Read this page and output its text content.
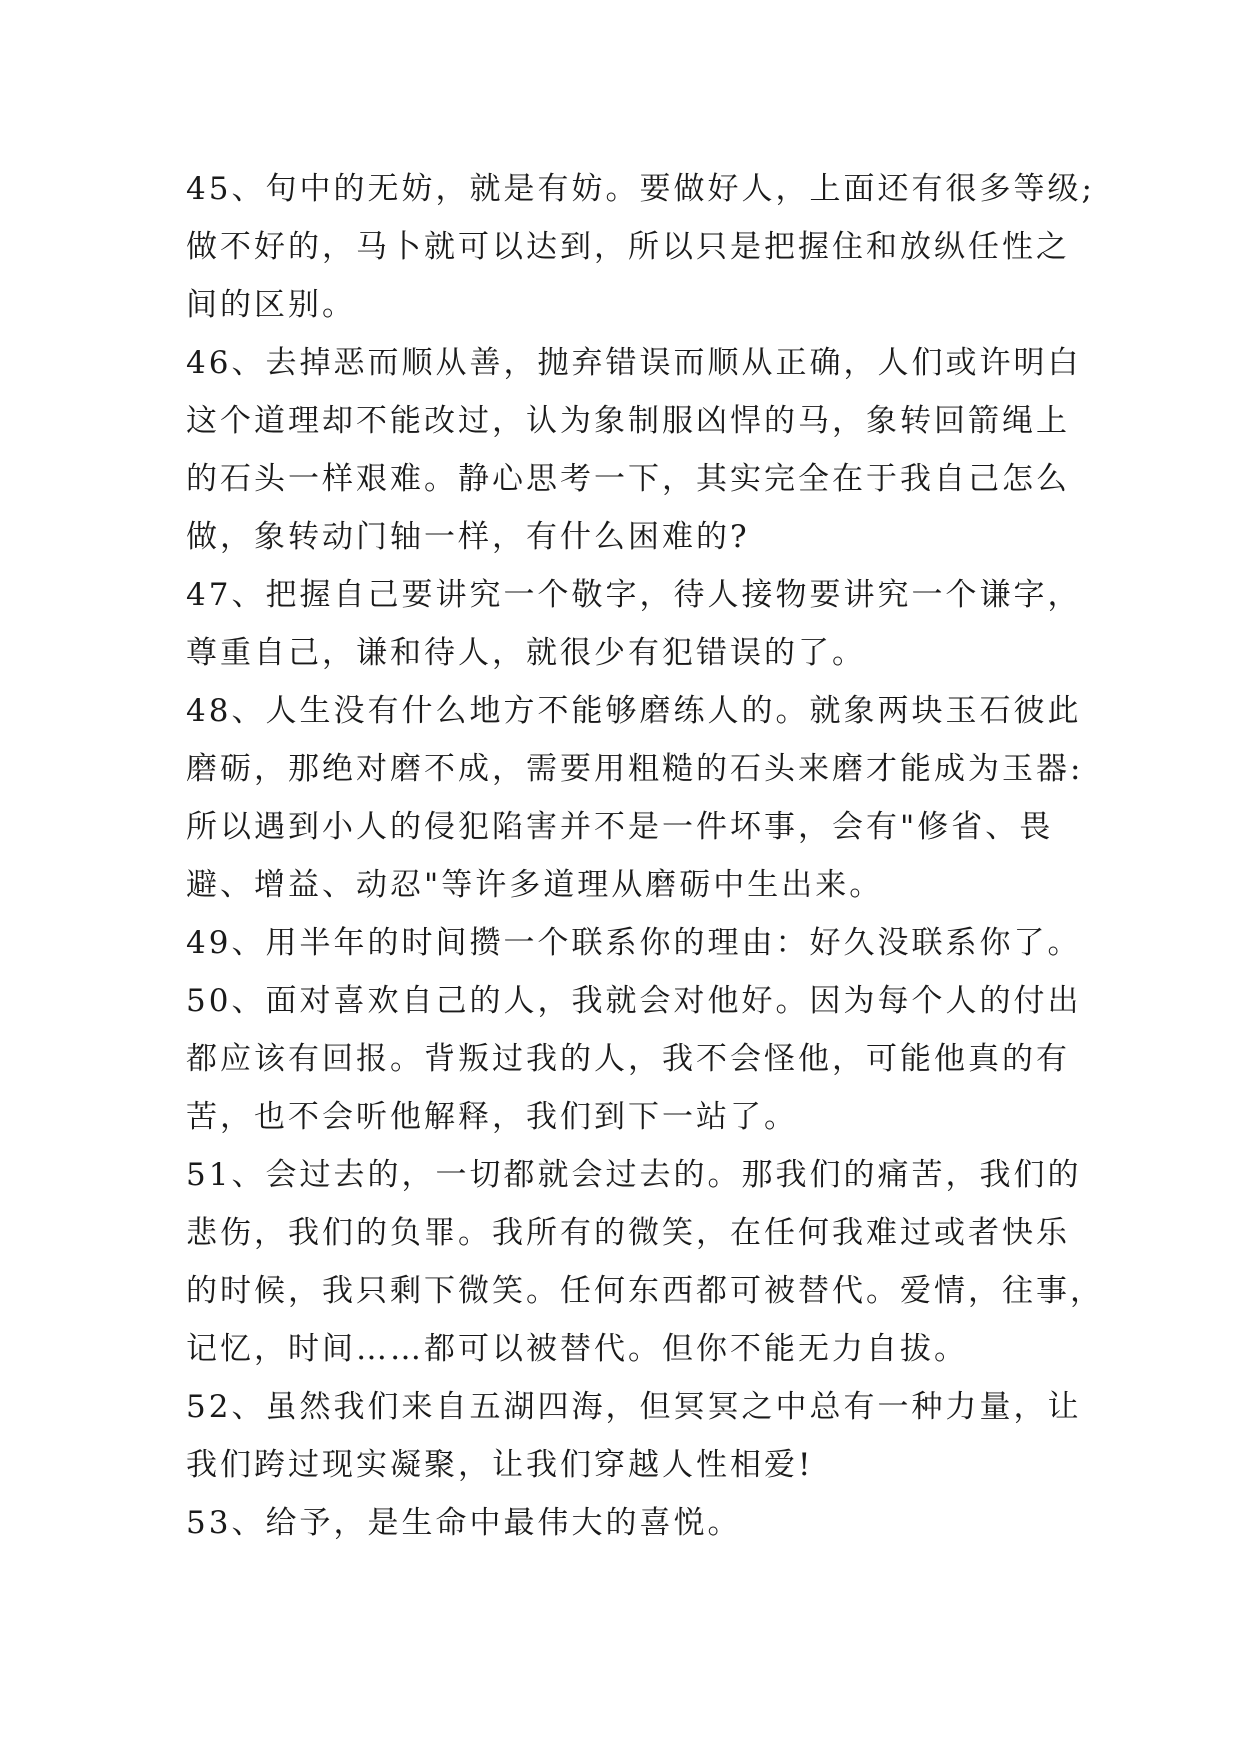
45、句中的无妨，就是有妨。要做好人，上面还有很多等级;
做不好的，马卜就可以达到，所以只是把握住和放纵任性之
间的区别。
46、去掉恶而顺从善，抛弃错误而顺从正确，人们或许明白
这个道理却不能改过，认为象制服凶悍的马，象转回箭绳上
的石头一样艰难。静心思考一下，其实完全在于我自己怎么
做，象转动门轴一样，有什么困难的?
47、把握自己要讲究一个敬字，待人接物要讲究一个谦字，
尊重自己，谦和待人，就很少有犯错误的了。
48、人生没有什么地方不能够磨练人的。就象两块玉石彼此
磨砺，那绝对磨不成，需要用粗糙的石头来磨才能成为玉器:
所以遇到小人的侵犯陷害并不是一件坏事，会有"修省、畏
避、增益、动忍"等许多道理从磨砺中生出来。
49、用半年的时间攒一个联系你的理由：好久没联系你了。
50、面对喜欢自己的人，我就会对他好。因为每个人的付出
都应该有回报。背叛过我的人，我不会怪他，可能他真的有
苦，也不会听他解释，我们到下一站了。
51、会过去的，一切都就会过去的。那我们的痛苦，我们的
悲伤，我们的负罪。我所有的微笑，在任何我难过或者快乐
的时候，我只剩下微笑。任何东西都可被替代。爱情，往事，
记忆，时间……都可以被替代。但你不能无力自拔。
52、虽然我们来自五湖四海，但冥冥之中总有一种力量，让
我们跨过现实凝聚，让我们穿越人性相爱!
53、给予，是生命中最伟大的喜悦。
